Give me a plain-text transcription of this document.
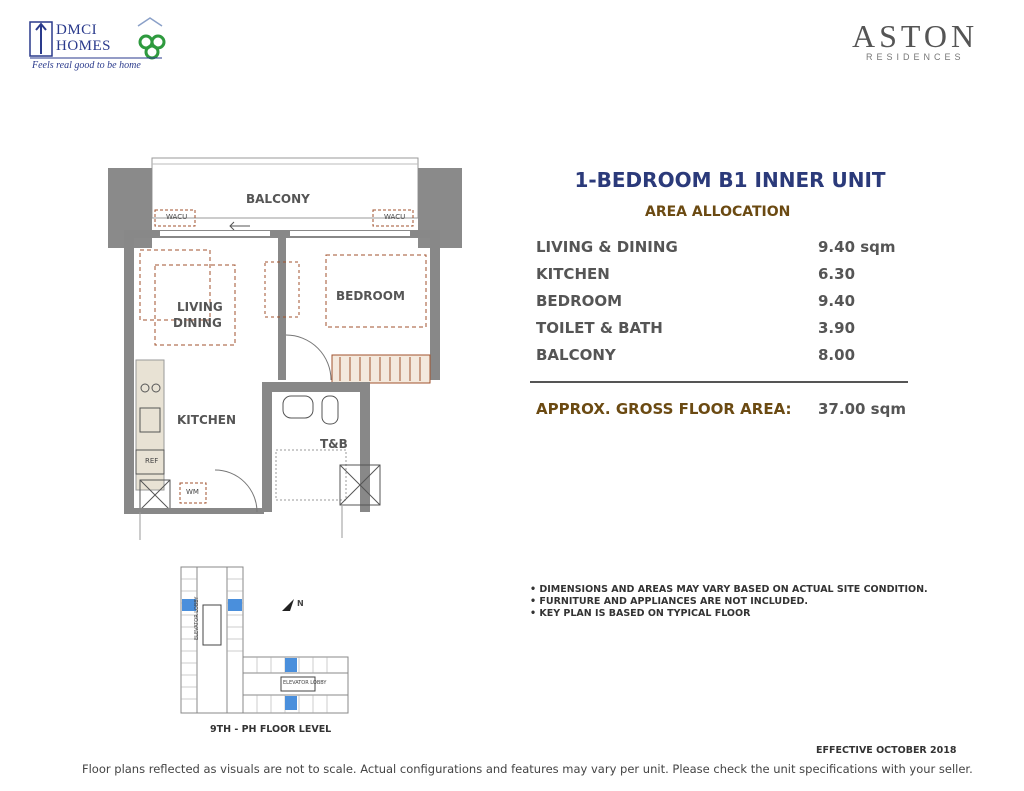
DMCI
HOMES
Feels real good to be home
ASTON
RESIDENCES
BALCONY
WACU	WACU
LIVING
DINING
BEDROOM
KITCHEN
T&B
REF
WM
N
ELEVATOR LOBBY
ELEVATOR LOBBY
9TH - PH FLOOR LEVEL
1-BEDROOM B1 INNER UNIT
AREA ALLOCATION
LIVING & DINING	9.40 sqm
KITCHEN	6.30
BEDROOM	9.40
TOILET & BATH	3.90
BALCONY	8.00
APPROX. GROSS FLOOR AREA: 37.00 sqm
• DIMENSIONS AND AREAS MAY VARY BASED ON ACTUAL SITE CONDITION.
• FURNITURE AND APPLIANCES ARE NOT INCLUDED.
• KEY PLAN IS BASED ON TYPICAL FLOOR
EFFECTIVE OCTOBER 2018
Floor plans reflected as visuals are not to scale. Actual configurations and features may vary per unit. Please check the unit specifications with your seller.
